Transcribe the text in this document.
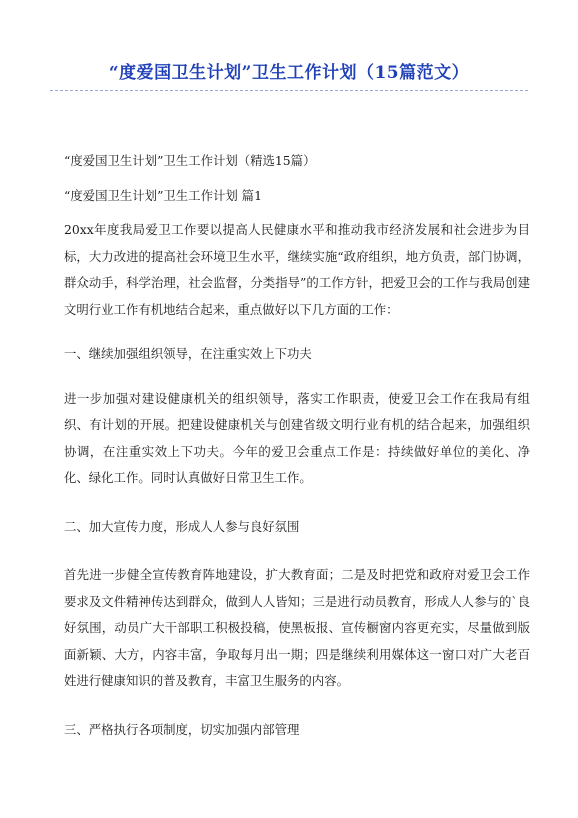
“度爱国卫生计划”卫生工作计划（15篇范文）

“度爱国卫生计划”卫生工作计划（精选15篇）

“度爱国卫生计划”卫生工作计划 篇1

20xx年度我局爱卫工作要以提高人民健康水平和推动我市经济发展和社会进步为目标，大力改进的提高社会环境卫生水平，继续实施“政府组织，地方负责，部门协调，群众动手，科学治理，社会监督，分类指导”的工作方针，把爱卫会的工作与我局创建文明行业工作有机地结合起来，重点做好以下几方面的工作：

一、继续加强组织领导，在注重实效上下功夫

进一步加强对建设健康机关的组织领导，落实工作职责，使爱卫会工作在我局有组织、有计划的开展。把建设健康机关与创建省级文明行业有机的结合起来，加强组织协调，在注重实效上下功夫。今年的爱卫会重点工作是：持续做好单位的美化、净化、绿化工作。同时认真做好日常卫生工作。

二、加大宣传力度，形成人人参与良好氛围

首先进一步健全宣传教育阵地建设，扩大教育面；二是及时把党和政府对爱卫会工作要求及文件精神传达到群众，做到人人皆知；三是进行动员教育，形成人人参与的`良好氛围，动员广大干部职工积极投稿，使黑板报、宣传橱窗内容更充实，尽量做到版面新颖、大方，内容丰富，争取每月出一期；四是继续利用媒体这一窗口对广大老百姓进行健康知识的普及教育，丰富卫生服务的内容。

三、严格执行各项制度，切实加强内部管理
